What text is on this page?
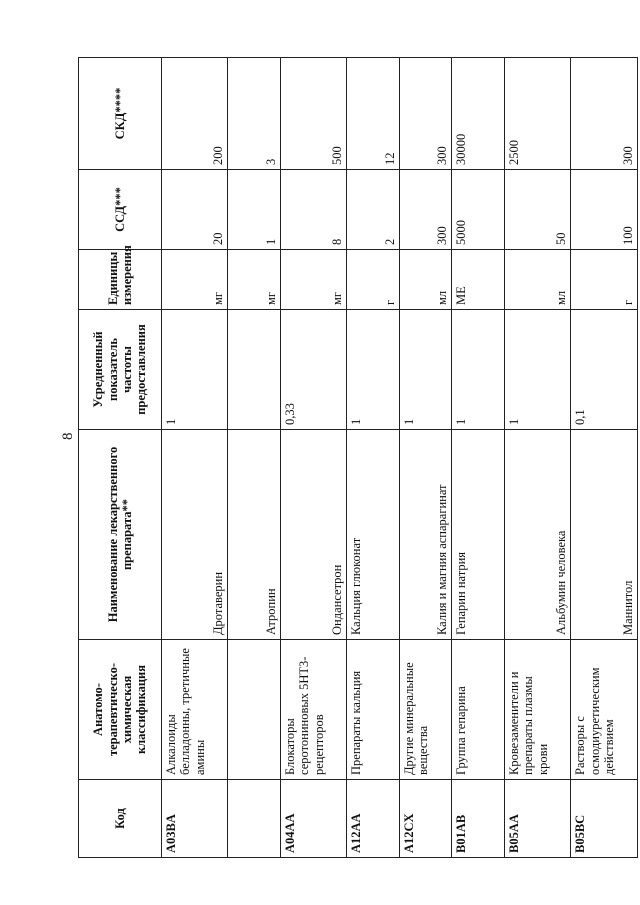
8
Код	Анатомо-терапевтическо-химическая классификация	Наименование лекарственного препарата**	Усредненный показатель частоты предоставления	Единицы измерения	ССД***	СКД****
A03BA	Алкалоиды белладонны, третичные амины	Дротаверин	1	мг	20	200
		Атропин		мг	1	3
A04AA	Блокаторы серотониновых 5НТ3-рецепторов	Ондансетрон	0,33	мг	8	500
A12AA	Препараты кальция	Кальция глюконат	1	г	2	12
A12CX	Другие минеральные вещества	Калия и магния аспарагинат	1	мл	300	300
B01AB	Группа гепарина	Гепарин натрия	1	МЕ	5000	30000
B05AA	Кровезаменители и препараты плазмы крови	Альбумин человека	1	мл	50	2500
B05BC	Растворы с осмодиуретическим действием	Маннитол	0,1	г	100	300
